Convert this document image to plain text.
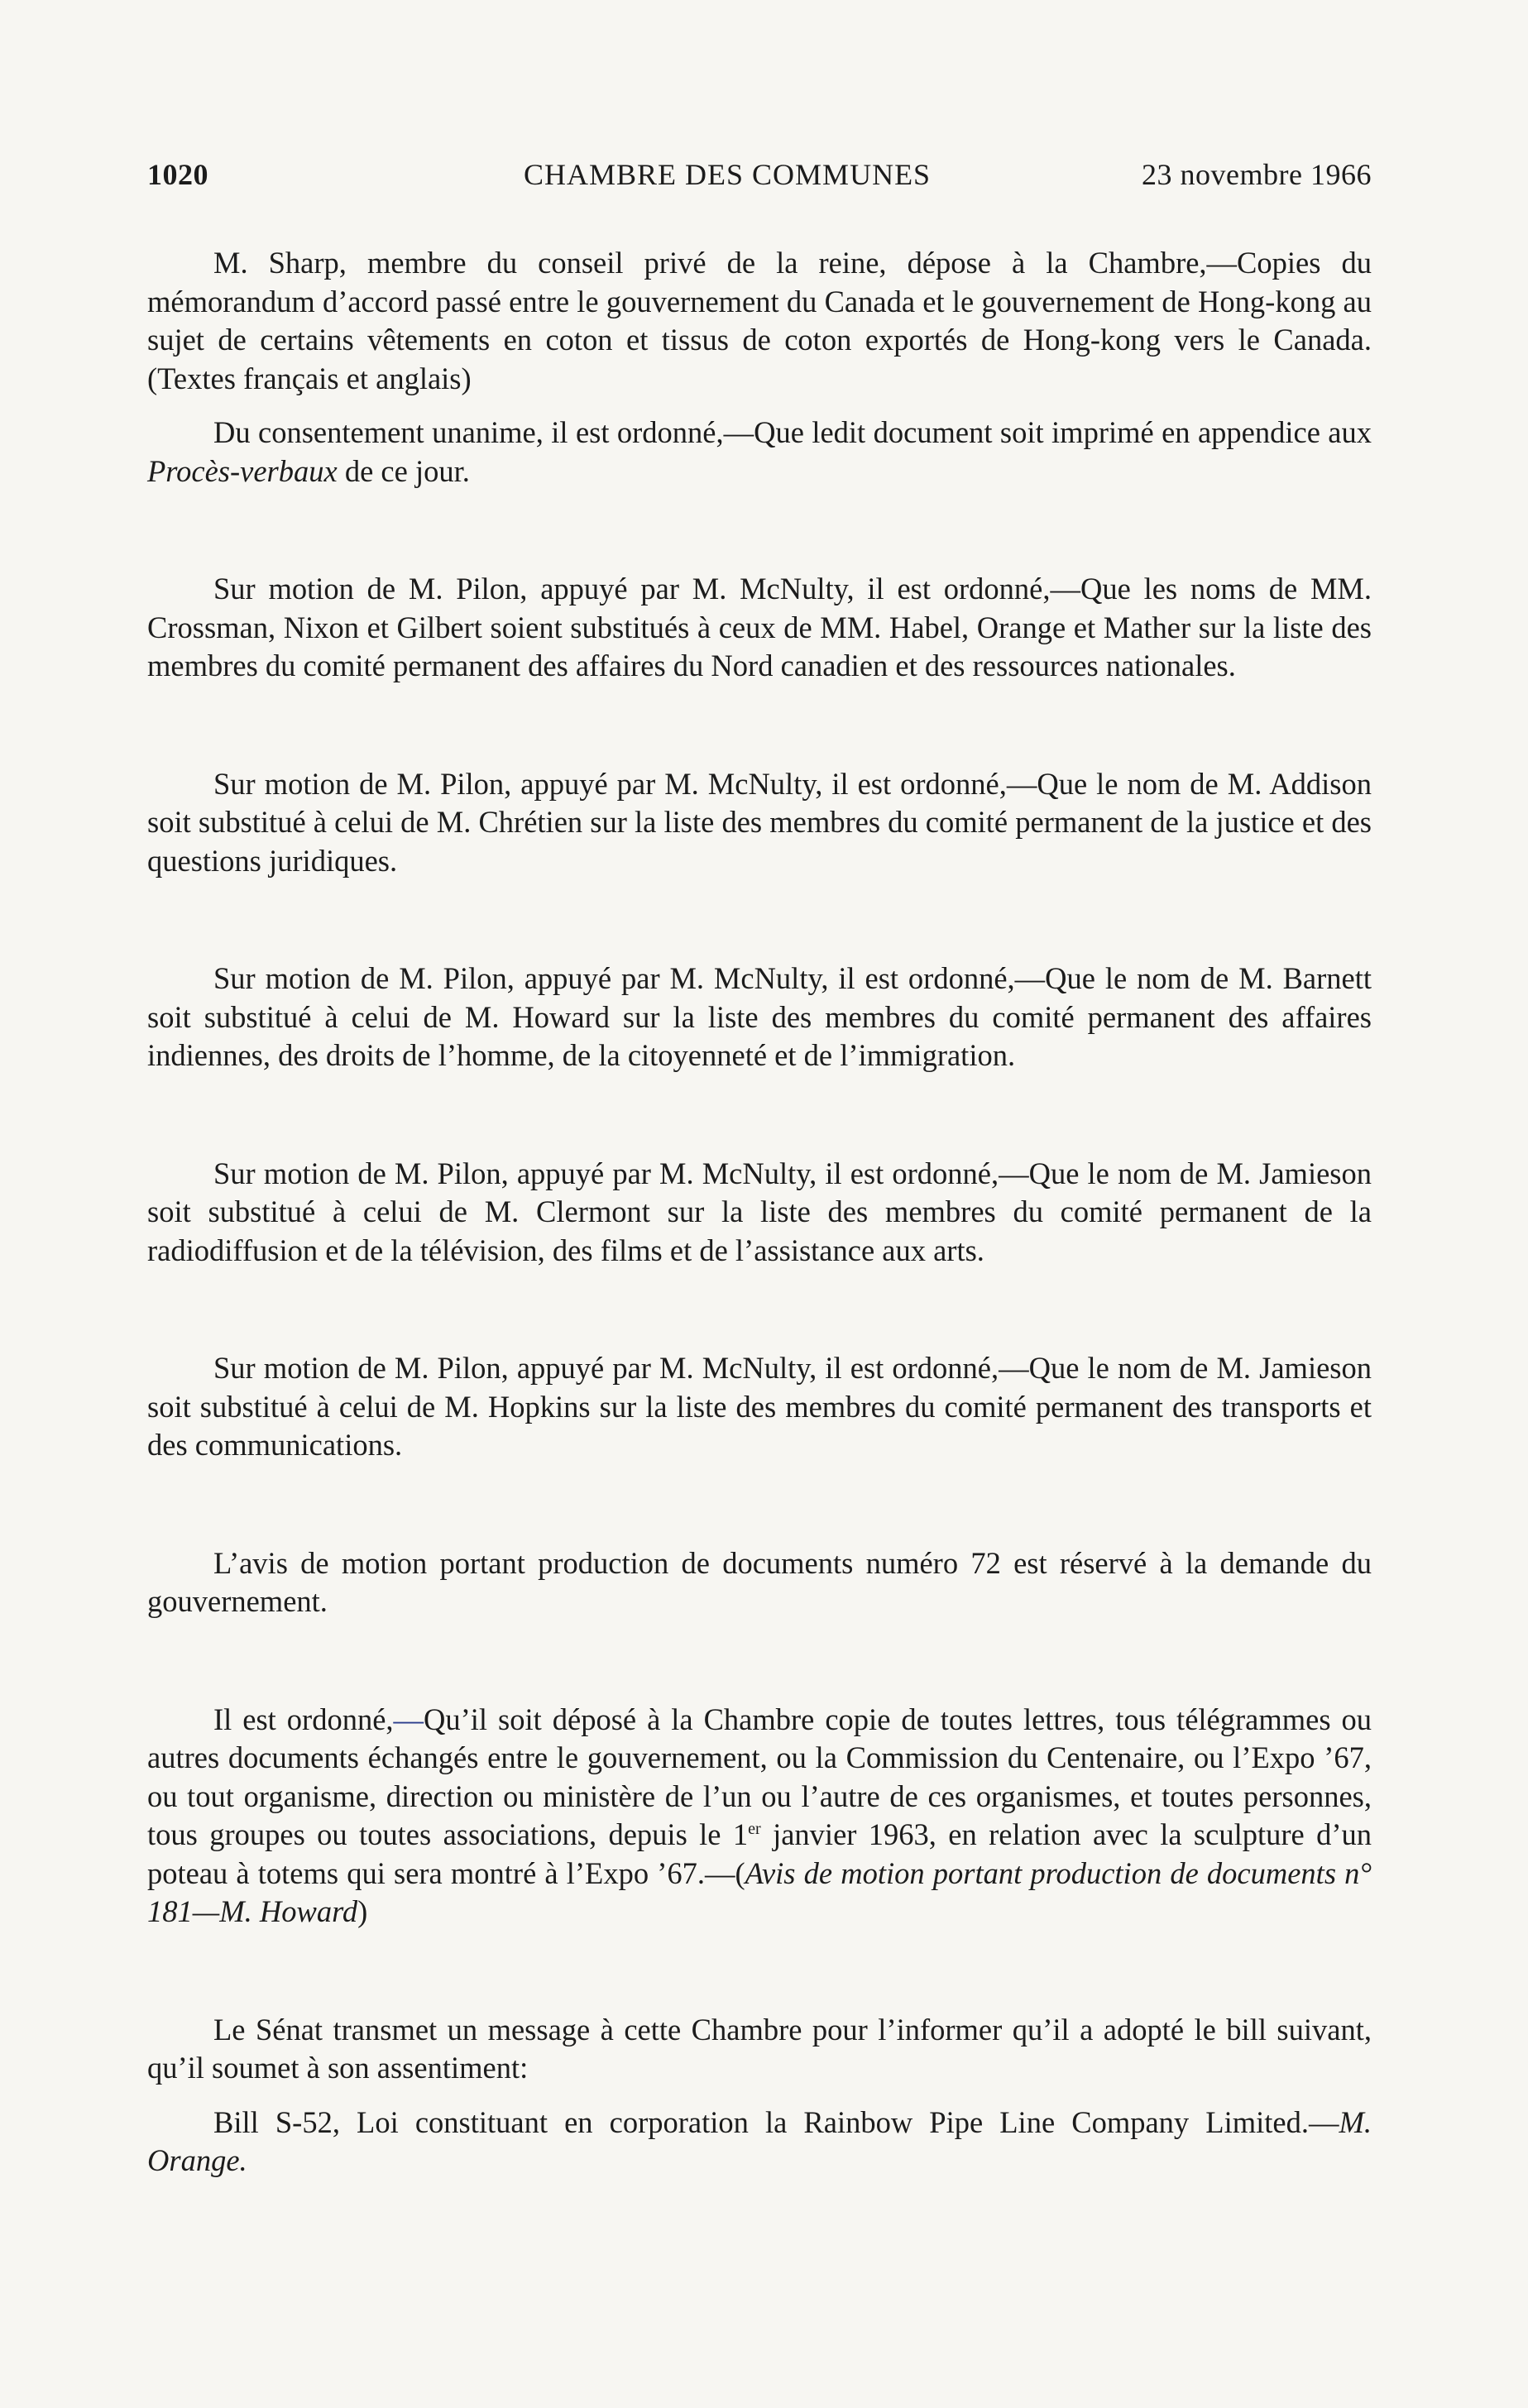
1020	CHAMBRE DES COMMUNES	23 novembre 1966

M. Sharp, membre du conseil privé de la reine, dépose à la Chambre,—Copies du mémorandum d’accord passé entre le gouvernement du Canada et le gouvernement de Hong-kong au sujet de certains vêtements en coton et tissus de coton exportés de Hong-kong vers le Canada. (Textes français et anglais)

Du consentement unanime, il est ordonné,—Que ledit document soit imprimé en appendice aux Procès-verbaux de ce jour.

Sur motion de M. Pilon, appuyé par M. McNulty, il est ordonné,—Que les noms de MM. Crossman, Nixon et Gilbert soient substitués à ceux de MM. Habel, Orange et Mather sur la liste des membres du comité permanent des affaires du Nord canadien et des ressources nationales.

Sur motion de M. Pilon, appuyé par M. McNulty, il est ordonné,—Que le nom de M. Addison soit substitué à celui de M. Chrétien sur la liste des membres du comité permanent de la justice et des questions juridiques.

Sur motion de M. Pilon, appuyé par M. McNulty, il est ordonné,—Que le nom de M. Barnett soit substitué à celui de M. Howard sur la liste des membres du comité permanent des affaires indiennes, des droits de l’homme, de la citoyenneté et de l’immigration.

Sur motion de M. Pilon, appuyé par M. McNulty, il est ordonné,—Que le nom de M. Jamieson soit substitué à celui de M. Clermont sur la liste des membres du comité permanent de la radiodiffusion et de la télévision, des films et de l’assistance aux arts.

Sur motion de M. Pilon, appuyé par M. McNulty, il est ordonné,—Que le nom de M. Jamieson soit substitué à celui de M. Hopkins sur la liste des membres du comité permanent des transports et des communications.

L’avis de motion portant production de documents numéro 72 est réservé à la demande du gouvernement.

Il est ordonné,—Qu’il soit déposé à la Chambre copie de toutes lettres, tous télégrammes ou autres documents échangés entre le gouvernement, ou la Commission du Centenaire, ou l’Expo ’67, ou tout organisme, direction ou ministère de l’un ou l’autre de ces organismes, et toutes personnes, tous groupes ou toutes associations, depuis le 1er janvier 1963, en relation avec la sculpture d’un poteau à totems qui sera montré à l’Expo ’67.—(Avis de motion portant production de documents n° 181—M. Howard)

Le Sénat transmet un message à cette Chambre pour l’informer qu’il a adopté le bill suivant, qu’il soumet à son assentiment:

Bill S-52, Loi constituant en corporation la Rainbow Pipe Line Company Limited.—M. Orange.
